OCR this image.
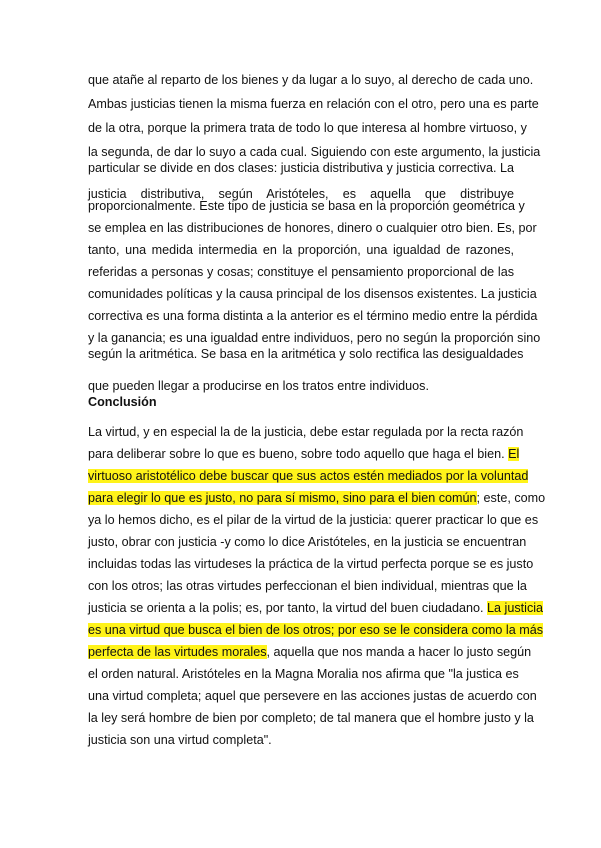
que atañe al reparto de los bienes y da lugar a lo suyo, al derecho de cada uno.
Ambas justicias tienen la misma fuerza en relación con el otro, pero una es parte
de la otra, porque la primera trata de todo lo que interesa al hombre virtuoso, y
la segunda, de dar lo suyo a cada cual. Siguiendo con este argumento, la justicia
particular se divide en dos clases: justicia distributiva y justicia correctiva. La
justicia distributiva, según Aristóteles, es aquella que distribuye
proporcionalmente. Este tipo de justicia se basa en la proporción geométrica y
se emplea en las distribuciones de honores, dinero o cualquier otro bien. Es, por
tanto, una medida intermedia en la proporción, una igualdad de razones,
referidas a personas y cosas; constituye el pensamiento proporcional de las
comunidades políticas y la causa principal de los disensos existentes. La justicia
correctiva es una forma distinta a la anterior es el término medio entre la pérdida
y la ganancia; es una igualdad entre individuos, pero no según la proporción sino
según la aritmética. Se basa en la aritmética y solo rectifica las desigualdades
que pueden llegar a producirse en los tratos entre individuos.
Conclusión
La virtud, y en especial la de la justicia, debe estar regulada por la recta razón
para deliberar sobre lo que es bueno, sobre todo aquello que haga el bien. El
virtuoso aristotélico debe buscar que sus actos estén mediados por la voluntad
para elegir lo que es justo, no para sí mismo, sino para el bien común; este, como
ya lo hemos dicho, es el pilar de la virtud de la justicia: querer practicar lo que es
justo, obrar con justicia -y como lo dice Aristóteles, en la justicia se encuentran
incluidas todas las virtudeses la práctica de la virtud perfecta porque se es justo
con los otros; las otras virtudes perfeccionan el bien individual, mientras que la
justicia se orienta a la polis; es, por tanto, la virtud del buen ciudadano. La justicia
es una virtud que busca el bien de los otros; por eso se le considera como la más
perfecta de las virtudes morales, aquella que nos manda a hacer lo justo según
el orden natural. Aristóteles en la Magna Moralia nos afirma que "la justica es
una virtud completa; aquel que persevere en las acciones justas de acuerdo con
la ley será hombre de bien por completo; de tal manera que el hombre justo y la
justicia son una virtud completa".
